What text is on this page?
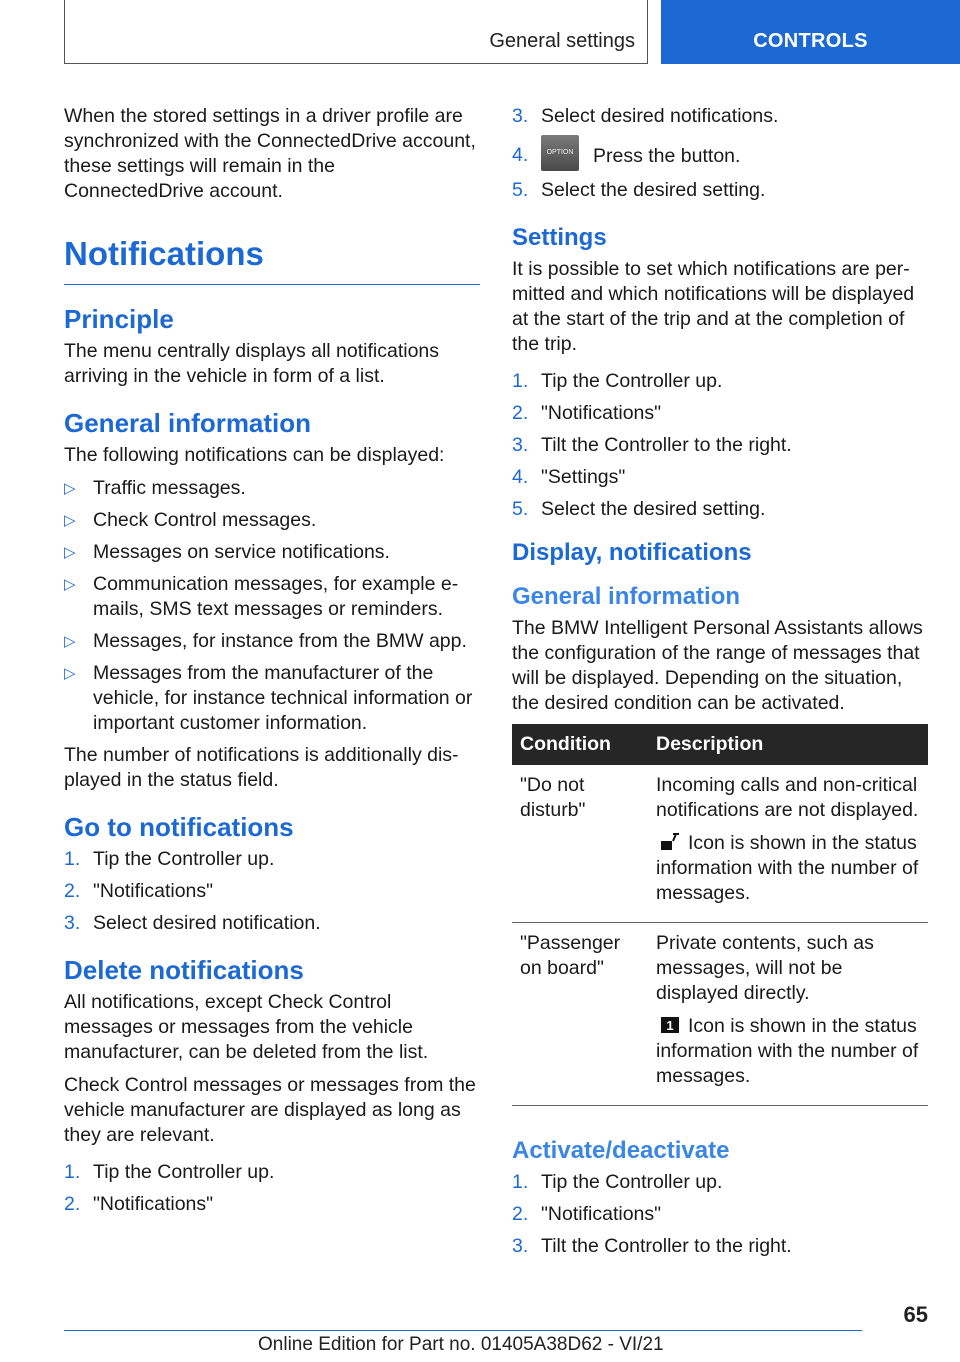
General settings	CONTROLS

When the stored settings in a driver profile are synchronized with the ConnectedDrive account, these settings will remain in the ConnectedDrive account.

Notifications
Principle

The menu centrally displays all notifications arriving in the vehicle in form of a list.

General information

The following notifications can be displayed:

▷ Traffic messages.
▷ Check Control messages.
▷ Messages on service notifications.
▷ Communication messages, for example e-mails, SMS text messages or reminders.
▷ Messages, for instance from the BMW app.
▷ Messages from the manufacturer of the vehicle, for instance technical information or important customer information.

The number of notifications is additionally displayed in the status field.

Go to notifications
1. Tip the Controller up.
2. "Notifications"
3. Select desired notification.
Delete notifications

All notifications, except Check Control messages or messages from the vehicle manufacturer, can be deleted from the list.

Check Control messages or messages from the vehicle manufacturer are displayed as long as they are relevant.

1. Tip the Controller up.
2. "Notifications"
3. Select desired notifications.
4.	OPTION Press the button.
5. Select the desired setting.
Settings

It is possible to set which notifications are permitted and which notifications will be displayed at the start of the trip and at the completion of the trip.

1. Tip the Controller up.
2. "Notifications"
3. Tilt the Controller to the right.
4. "Settings"
5. Select the desired setting.
Display, notifications
General information

The BMW Intelligent Personal Assistants allows the configuration of the range of messages that will be displayed. Depending on the situation, the desired condition can be activated.

Condition	Description
"Do not disturb"	Incoming calls and non-critical notifications are not displayed.

Icon is shown in the status information with the number of messages.

"Passenger on board"	Private contents, such as messages, will not be displayed directly.

1 Icon is shown in the status information with the number of messages.

Activate/deactivate
1. Tip the Controller up.
2. "Notifications"
3. Tilt the Controller to the right.
65
Online Edition for Part no. 01405A38D62 - VI/21
